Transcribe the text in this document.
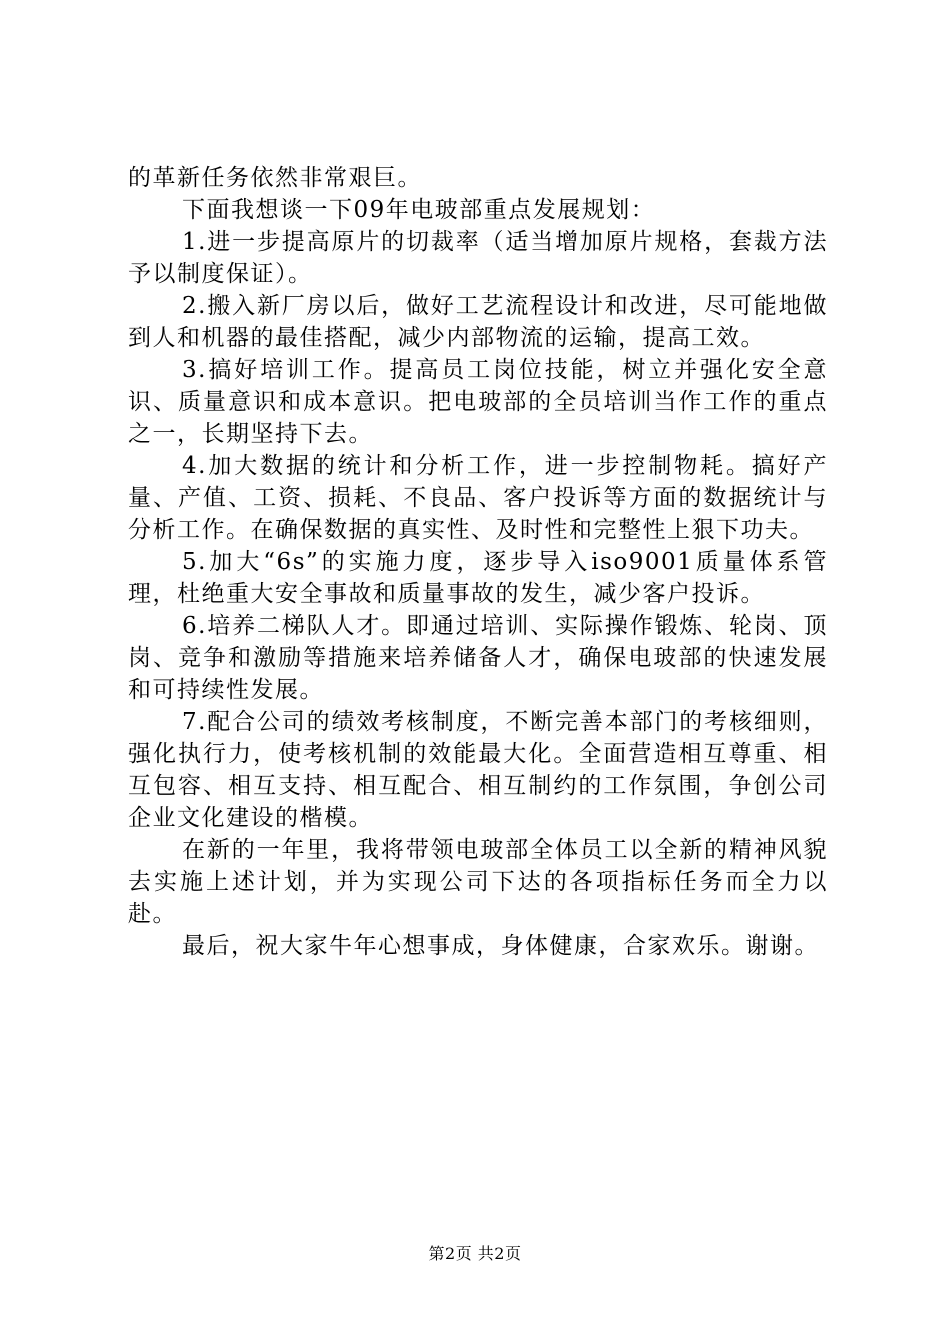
的革新任务依然非常艰巨。

下面我想谈一下09年电玻部重点发展规划：

1.进一步提高原片的切裁率（适当增加原片规格，套裁方法予以制度保证）。

2.搬入新厂房以后，做好工艺流程设计和改进，尽可能地做到人和机器的最佳搭配，减少内部物流的运输，提高工效。

3.搞好培训工作。提高员工岗位技能，树立并强化安全意识、质量意识和成本意识。把电玻部的全员培训当作工作的重点之一，长期坚持下去。

4.加大数据的统计和分析工作，进一步控制物耗。搞好产量、产值、工资、损耗、不良品、客户投诉等方面的数据统计与分析工作。在确保数据的真实性、及时性和完整性上狠下功夫。

5.加大“6s”的实施力度，逐步导入iso9001质量体系管理，杜绝重大安全事故和质量事故的发生，减少客户投诉。

6.培养二梯队人才。即通过培训、实际操作锻炼、轮岗、顶岗、竞争和激励等措施来培养储备人才，确保电玻部的快速发展和可持续性发展。

7.配合公司的绩效考核制度，不断完善本部门的考核细则，强化执行力，使考核机制的效能最大化。全面营造相互尊重、相互包容、相互支持、相互配合、相互制约的工作氛围，争创公司企业文化建设的楷模。

在新的一年里，我将带领电玻部全体员工以全新的精神风貌去实施上述计划，并为实现公司下达的各项指标任务而全力以赴。

最后，祝大家牛年心想事成，身体健康，合家欢乐。谢谢。

第2页 共2页
